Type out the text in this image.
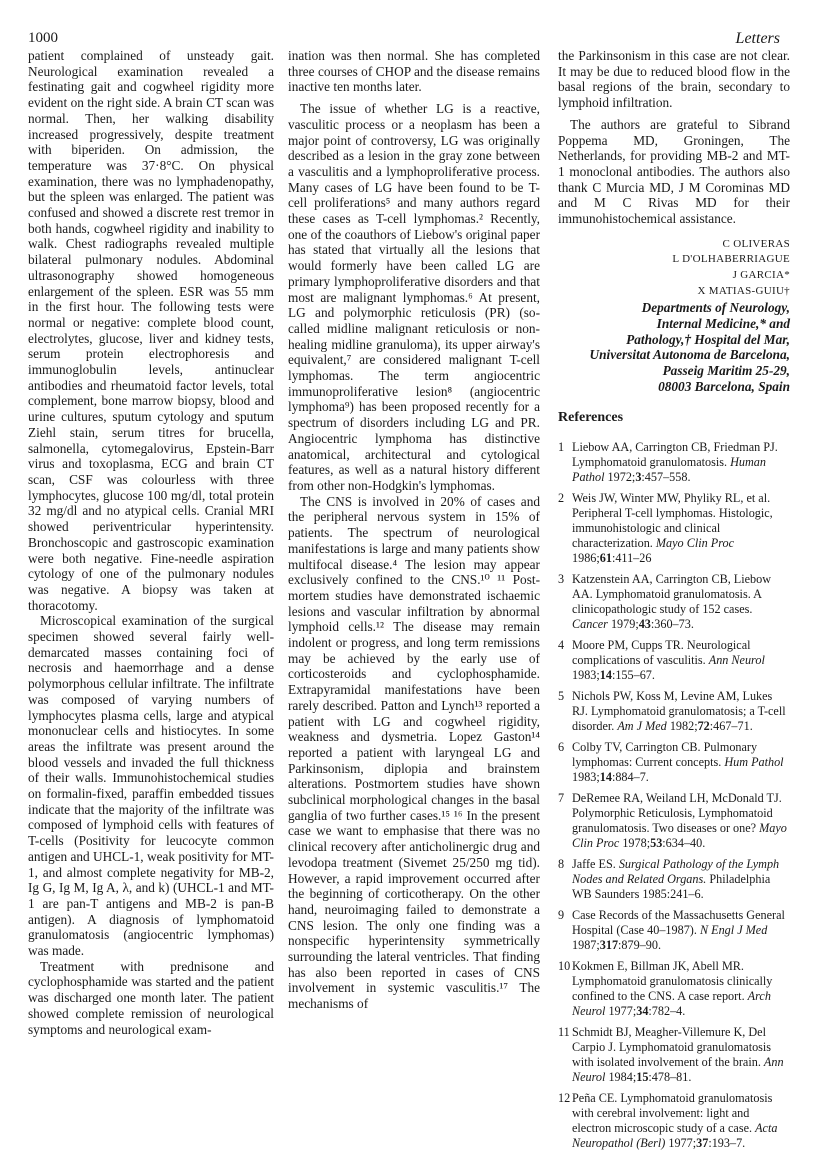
1000	Letters

patient complained of unsteady gait. Neurological examination revealed a festinating gait and cogwheel rigidity more evident on the right side. A brain CT scan was normal. Then, her walking disability increased progressively, despite treatment with biperiden. On admission, the temperature was 37·8°C. On physical examination, there was no lymphadenopathy, but the spleen was enlarged. The patient was confused and showed a discrete rest tremor in both hands, cogwheel rigidity and inability to walk. Chest radiographs revealed multiple bilateral pulmonary nodules. Abdominal ultrasonography showed homogeneous enlargement of the spleen. ESR was 55 mm in the first hour. The following tests were normal or negative: complete blood count, electrolytes, glucose, liver and kidney tests, serum protein electrophoresis and immunoglobulin levels, antinuclear antibodies and rheumatoid factor levels, total complement, bone marrow biopsy, blood and urine cultures, sputum cytology and sputum Ziehl stain, serum titres for brucella, salmonella, cytomegalovirus, Epstein-Barr virus and toxoplasma, ECG and brain CT scan, CSF was colourless with three lymphocytes, glucose 100 mg/dl, total protein 32 mg/dl and no atypical cells. Cranial MRI showed periventricular hyperintensity. Bronchoscopic and gastroscopic examination were both negative. Fine-needle aspiration cytology of one of the pulmonary nodules was negative. A biopsy was taken at thoracotomy.

Microscopical examination of the surgical specimen showed several fairly well-demarcated masses containing foci of necrosis and haemorrhage and a dense polymorphous cellular infiltrate. The infiltrate was composed of varying numbers of lymphocytes plasma cells, large and atypical mononuclear cells and histiocytes. In some areas the infiltrate was present around the blood vessels and invaded the full thickness of their walls. Immunohistochemical studies on formalin-fixed, paraffin embedded tissues indicate that the majority of the infiltrate was composed of lymphoid cells with features of T-cells (Positivity for leucocyte common antigen and UHCL-1, weak positivity for MT-1, and almost complete negativity for MB-2, Ig G, Ig M, Ig A, λ, and k) (UHCL-1 and MT-1 are pan-T antigens and MB-2 is pan-B antigen). A diagnosis of lymphomatoid granulomatosis (angiocentric lymphomas) was made.

Treatment with prednisone and cyclophosphamide was started and the patient was discharged one month later. The patient showed complete remission of neurological symptoms and neurological exam-

ination was then normal. She has completed three courses of CHOP and the disease remains inactive ten months later.

The issue of whether LG is a reactive, vasculitic process or a neoplasm has been a major point of controversy, LG was originally described as a lesion in the gray zone between a vasculitis and a lymphoproliferative process. Many cases of LG have been found to be T-cell proliferations⁵ and many authors regard these cases as T-cell lymphomas.² Recently, one of the coauthors of Liebow's original paper has stated that virtually all the lesions that would formerly have been called LG are primary lymphoproliferative disorders and that most are malignant lymphomas.⁶ At present, LG and polymorphic reticulosis (PR) (so-called midline malignant reticulosis or non-healing midline granuloma), its upper airway's equivalent,⁷ are considered malignant T-cell lymphomas. The term angiocentric immunoproliferative lesion⁸ (angiocentric lymphoma⁹) has been proposed recently for a spectrum of disorders including LG and PR. Angiocentric lymphoma has distinctive anatomical, architectural and cytological features, as well as a natural history different from other non-Hodgkin's lymphomas.

The CNS is involved in 20% of cases and the peripheral nervous system in 15% of patients. The spectrum of neurological manifestations is large and many patients show multifocal disease.⁴ The lesion may appear exclusively confined to the CNS.¹⁰ ¹¹ Post-mortem studies have demonstrated ischaemic lesions and vascular infiltration by abnormal lymphoid cells.¹² The disease may remain indolent or progress, and long term remissions may be achieved by the early use of corticosteroids and cyclophosphamide. Extrapyramidal manifestations have been rarely described. Patton and Lynch¹³ reported a patient with LG and cogwheel rigidity, weakness and dysmetria. Lopez Gaston¹⁴ reported a patient with laryngeal LG and Parkinsonism, diplopia and brainstem alterations. Postmortem studies have shown subclinical morphological changes in the basal ganglia of two further cases.¹⁵ ¹⁶ In the present case we want to emphasise that there was no clinical recovery after anticholinergic drug and levodopa treatment (Sivemet 25/250 mg tid). However, a rapid improvement occurred after the beginning of corticotherapy. On the other hand, neuroimaging failed to demonstrate a CNS lesion. The only one finding was a nonspecific hyperintensity symmetrically surrounding the lateral ventricles. That finding has also been reported in cases of CNS involvement in systemic vasculitis.¹⁷ The mechanisms of

the Parkinsonism in this case are not clear. It may be due to reduced blood flow in the basal regions of the brain, secondary to lymphoid infiltration.

The authors are grateful to Sibrand Poppema MD, Groningen, The Netherlands, for providing MB-2 and MT-1 monoclonal antibodies. The authors also thank C Murcia MD, J M Corominas MD and M C Rivas MD for their immunohistochemical assistance.

C OLIVERAS
L D'OLHABERRIAGUE
J GARCIA*
X MATIAS-GUIU†
Departments of Neurology,
Internal Medicine,* and
Pathology,† Hospital del Mar,
Universitat Autonoma de Barcelona,
Passeig Maritim 25-29,
08003 Barcelona, Spain
References
1 Liebow AA, Carrington CB, Friedman PJ. Lymphomatoid granulomatosis. Human Pathol 1972;3:457–558.
2 Weis JW, Winter MW, Phyliky RL, et al. Peripheral T-cell lymphomas. Histologic, immunohistologic and clinical characterization. Mayo Clin Proc 1986;61:411–26
3 Katzenstein AA, Carrington CB, Liebow AA. Lymphomatoid granulomatosis. A clinicopathologic study of 152 cases. Cancer 1979;43:360–73.
4 Moore PM, Cupps TR. Neurological complications of vasculitis. Ann Neurol 1983;14:155–67.
5 Nichols PW, Koss M, Levine AM, Lukes RJ. Lymphomatoid granulomatosis; a T-cell disorder. Am J Med 1982;72:467–71.
6 Colby TV, Carrington CB. Pulmonary lymphomas: Current concepts. Hum Pathol 1983;14:884–7.
7 DeRemee RA, Weiland LH, McDonald TJ. Polymorphic Reticulosis, Lymphomatoid granulomatosis. Two diseases or one? Mayo Clin Proc 1978;53:634–40.
8 Jaffe ES. Surgical Pathology of the Lymph Nodes and Related Organs. Philadelphia WB Saunders 1985:241–6.
9 Case Records of the Massachusetts General Hospital (Case 40–1987). N Engl J Med 1987;317:879–90.
10 Kokmen E, Billman JK, Abell MR. Lymphomatoid granulomatosis clinically confined to the CNS. A case report. Arch Neurol 1977;34:782–4.
11 Schmidt BJ, Meagher-Villemure K, Del Carpio J. Lymphomatoid granulomatosis with isolated involvement of the brain. Ann Neurol 1984;15:478–81.
12 Peña CE. Lymphomatoid granulomatosis with cerebral involvement: light and electron microscopic study of a case. Acta Neuropathol (Berl) 1977;37:193–7.
